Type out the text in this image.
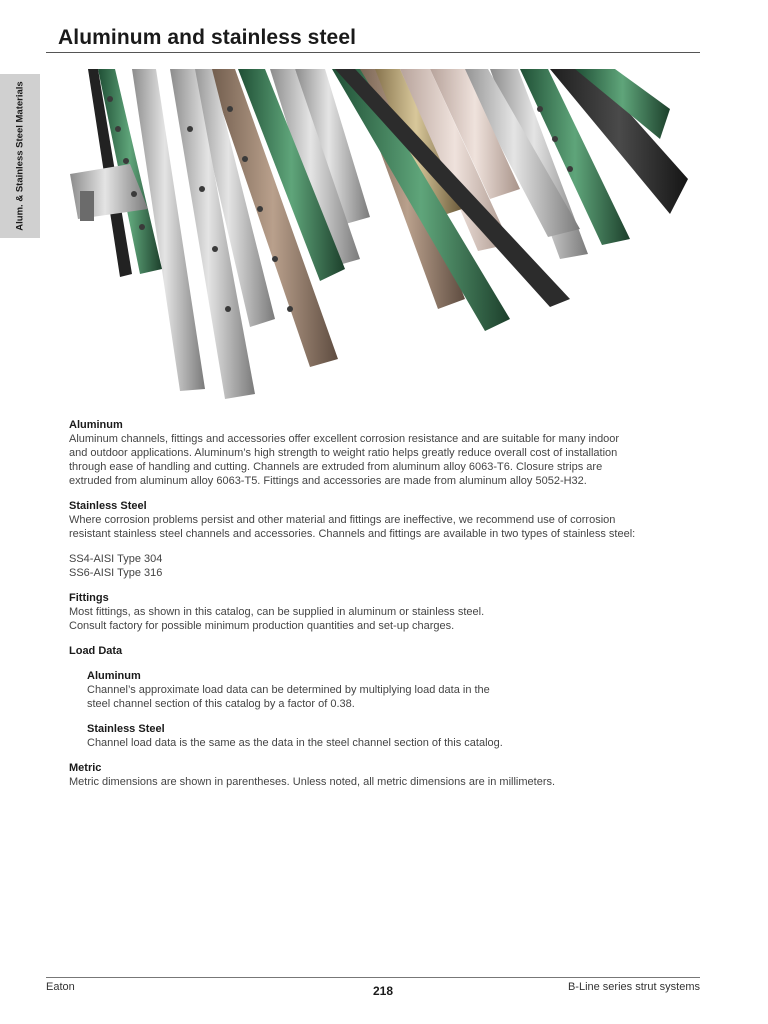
Aluminum and stainless steel
Alum. & Stainless Steel Materials
Aluminum

Aluminum channels, fittings and accessories offer excellent corrosion resistance and are suitable for many indoor

and outdoor applications. Aluminum’s high strength to weight ratio helps greatly reduce overall cost of installation

through ease of handling and cutting. Channels are extruded from aluminum alloy 6063-T6. Closure strips are

extruded from aluminum alloy 6063-T5. Fittings and accessories are made from aluminum alloy 5052-H32.

Stainless Steel

Where corrosion problems persist and other material and fittings are ineffective, we recommend use of corrosion

resistant stainless steel channels and accessories. Channels and fittings are available in two types of stainless steel:

SS4-AISI Type 304

SS6-AISI Type 316

Fittings

Most fittings, as shown in this catalog, can be supplied in aluminum or stainless steel.

Consult factory for possible minimum production quantities and set-up charges.

Load Data
Aluminum

Channel’s approximate load data can be determined by multiplying load data in the

steel channel section of this catalog by a factor of 0.38.

Stainless Steel

Channel load data is the same as the data in the steel channel section of this catalog.

Metric

Metric dimensions are shown in parentheses. Unless noted, all metric dimensions are in millimeters.

Eaton	218	B-Line series strut systems
